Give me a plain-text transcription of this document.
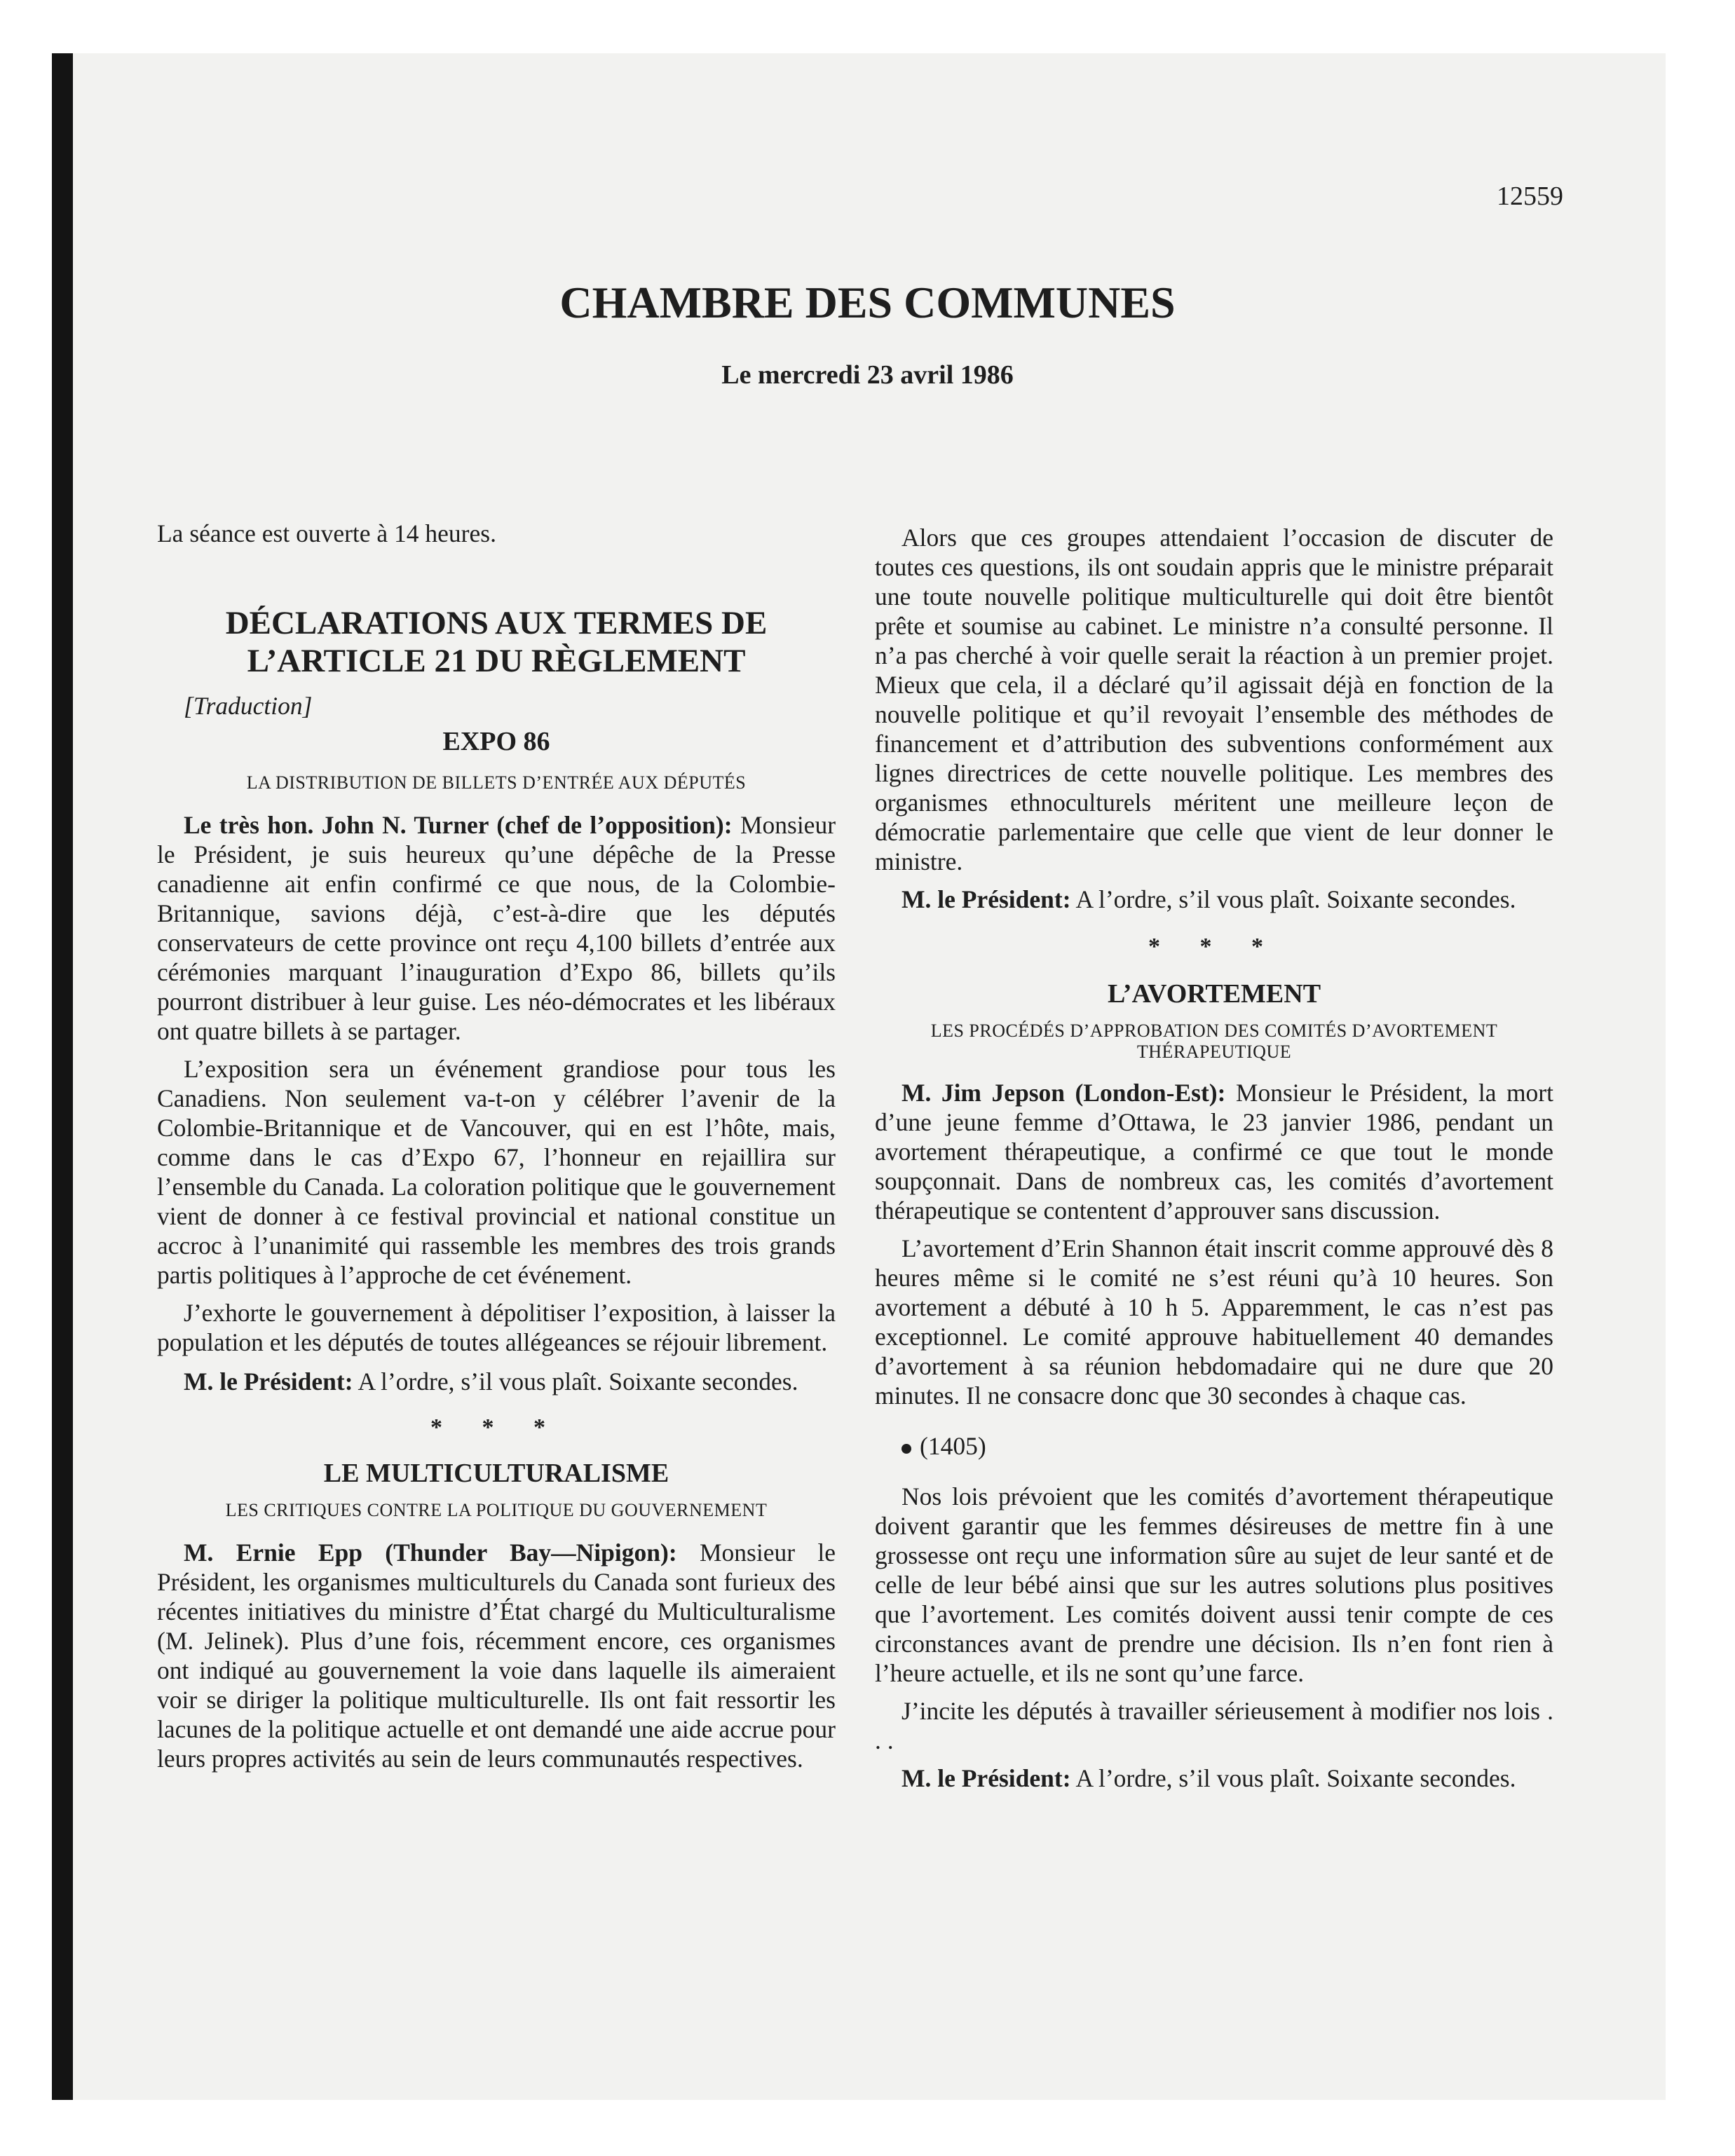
12559
CHAMBRE DES COMMUNES
Le mercredi 23 avril 1986

La séance est ouverte à 14 heures.

DÉCLARATIONS AUX TERMES DE L’ARTICLE 21 DU RÈGLEMENT

[Traduction]

EXPO 86
LA DISTRIBUTION DE BILLETS D’ENTRÉE AUX DÉPUTÉS

Le très hon. John N. Turner (chef de l’opposition): Monsieur le Président, je suis heureux qu’une dépêche de la Presse canadienne ait enfin confirmé ce que nous, de la Colombie-Britannique, savions déjà, c’est-à-dire que les députés conservateurs de cette province ont reçu 4,100 billets d’entrée aux cérémonies marquant l’inauguration d’Expo 86, billets qu’ils pourront distribuer à leur guise. Les néo-démocrates et les libéraux ont quatre billets à se partager.

L’exposition sera un événement grandiose pour tous les Canadiens. Non seulement va-t-on y célébrer l’avenir de la Colombie-Britannique et de Vancouver, qui en est l’hôte, mais, comme dans le cas d’Expo 67, l’honneur en rejaillira sur l’ensemble du Canada. La coloration politique que le gouvernement vient de donner à ce festival provincial et national constitue un accroc à l’unanimité qui rassemble les membres des trois grands partis politiques à l’approche de cet événement.

J’exhorte le gouvernement à dépolitiser l’exposition, à laisser la population et les députés de toutes allégeances se réjouir librement.

M. le Président: A l’ordre, s’il vous plaît. Soixante secondes.

* * *
LE MULTICULTURALISME
LES CRITIQUES CONTRE LA POLITIQUE DU GOUVERNEMENT

M. Ernie Epp (Thunder Bay—Nipigon): Monsieur le Président, les organismes multiculturels du Canada sont furieux des récentes initiatives du ministre d’État chargé du Multiculturalisme (M. Jelinek). Plus d’une fois, récemment encore, ces organismes ont indiqué au gouvernement la voie dans laquelle ils aimeraient voir se diriger la politique multiculturelle. Ils ont fait ressortir les lacunes de la politique actuelle et ont demandé une aide accrue pour leurs propres activités au sein de leurs communautés respectives.

Alors que ces groupes attendaient l’occasion de discuter de toutes ces questions, ils ont soudain appris que le ministre préparait une toute nouvelle politique multiculturelle qui doit être bientôt prête et soumise au cabinet. Le ministre n’a consulté personne. Il n’a pas cherché à voir quelle serait la réaction à un premier projet. Mieux que cela, il a déclaré qu’il agissait déjà en fonction de la nouvelle politique et qu’il revoyait l’ensemble des méthodes de financement et d’attribution des subventions conformément aux lignes directrices de cette nouvelle politique. Les membres des organismes ethnoculturels méritent une meilleure leçon de démocratie parlementaire que celle que vient de leur donner le ministre.

M. le Président: A l’ordre, s’il vous plaît. Soixante secondes.

* * *
L’AVORTEMENT
LES PROCÉDÉS D’APPROBATION DES COMITÉS D’AVORTEMENT THÉRAPEUTIQUE

M. Jim Jepson (London-Est): Monsieur le Président, la mort d’une jeune femme d’Ottawa, le 23 janvier 1986, pendant un avortement thérapeutique, a confirmé ce que tout le monde soupçonnait. Dans de nombreux cas, les comités d’avortement thérapeutique se contentent d’approuver sans discussion.

L’avortement d’Erin Shannon était inscrit comme approuvé dès 8 heures même si le comité ne s’est réuni qu’à 10 heures. Son avortement a débuté à 10 h 5. Apparemment, le cas n’est pas exceptionnel. Le comité approuve habituellement 40 demandes d’avortement à sa réunion hebdomadaire qui ne dure que 20 minutes. Il ne consacre donc que 30 secondes à chaque cas.

(1405)

Nos lois prévoient que les comités d’avortement thérapeutique doivent garantir que les femmes désireuses de mettre fin à une grossesse ont reçu une information sûre au sujet de leur santé et de celle de leur bébé ainsi que sur les autres solutions plus positives que l’avortement. Les comités doivent aussi tenir compte de ces circonstances avant de prendre une décision. Ils n’en font rien à l’heure actuelle, et ils ne sont qu’une farce.

J’incite les députés à travailler sérieusement à modifier nos lois . . .

M. le Président: A l’ordre, s’il vous plaît. Soixante secondes.
